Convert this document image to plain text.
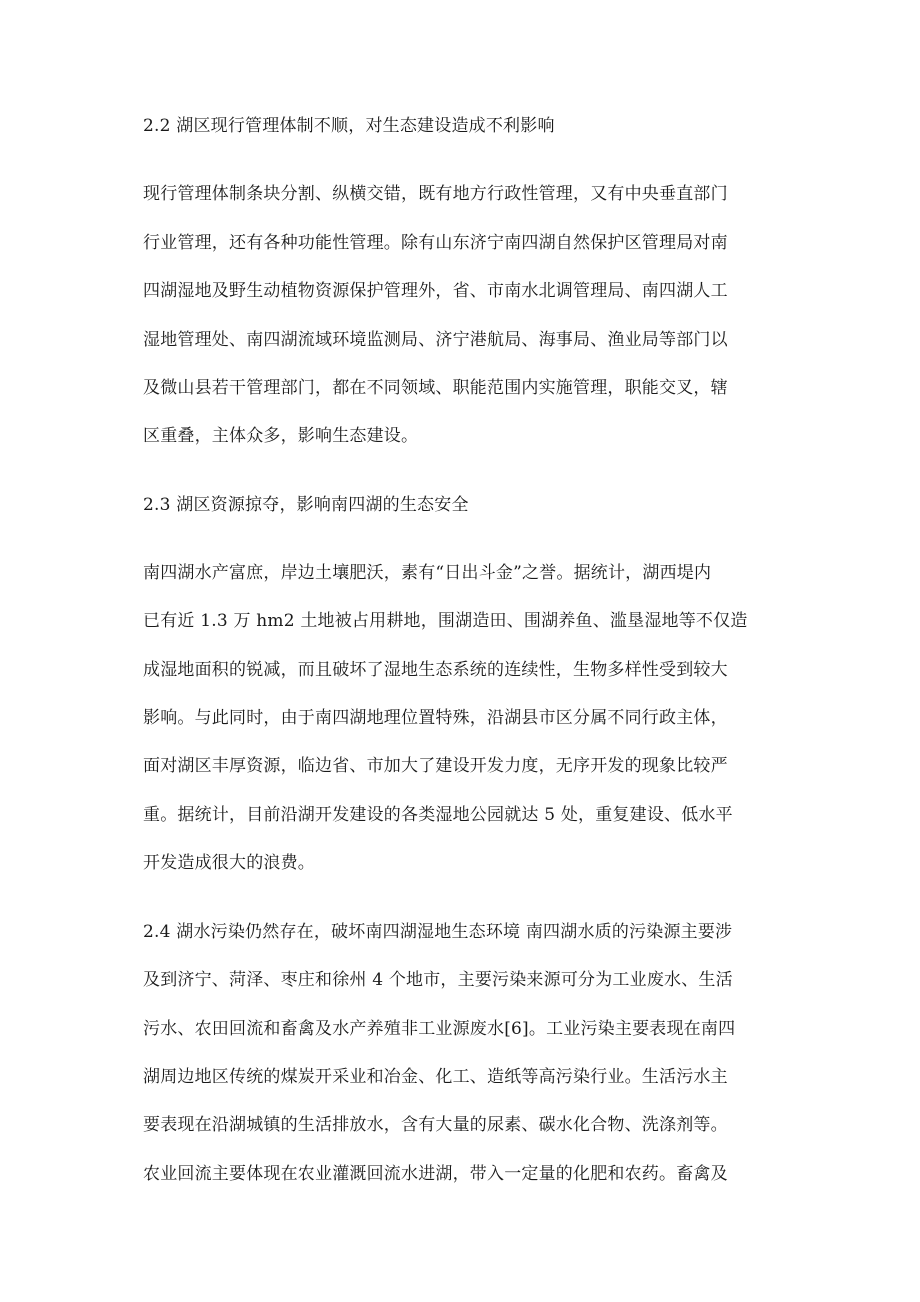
2.2 湖区现行管理体制不顺，对生态建设造成不利影响
现行管理体制条块分割、纵横交错，既有地方行政性管理，又有中央垂直部门
行业管理，还有各种功能性管理。除有山东济宁南四湖自然保护区管理局对南
四湖湿地及野生动植物资源保护管理外，省、市南水北调管理局、南四湖人工
湿地管理处、南四湖流域环境监测局、济宁港航局、海事局、渔业局等部门以
及微山县若干管理部门，都在不同领域、职能范围内实施管理，职能交叉，辖
区重叠，主体众多，影响生态建设。
2.3 湖区资源掠夺，影响南四湖的生态安全
南四湖水产富庶，岸边土壤肥沃，素有“日出斗金”之誉。据统计，湖西堤内
已有近 1.3 万 hm2 土地被占用耕地，围湖造田、围湖养鱼、滥垦湿地等不仅造
成湿地面积的锐减，而且破坏了湿地生态系统的连续性，生物多样性受到较大
影响。与此同时，由于南四湖地理位置特殊，沿湖县市区分属不同行政主体，
面对湖区丰厚资源，临边省、市加大了建设开发力度，无序开发的现象比较严
重。据统计，目前沿湖开发建设的各类湿地公园就达 5 处，重复建设、低水平
开发造成很大的浪费。
2.4 湖水污染仍然存在，破坏南四湖湿地生态环境 南四湖水质的污染源主要涉
及到济宁、菏泽、枣庄和徐州 4 个地市，主要污染来源可分为工业废水、生活
污水、农田回流和畜禽及水产养殖非工业源废水[6]。工业污染主要表现在南四
湖周边地区传统的煤炭开采业和冶金、化工、造纸等高污染行业。生活污水主
要表现在沿湖城镇的生活排放水，含有大量的尿素、碳水化合物、洗涤剂等。
农业回流主要体现在农业灌溉回流水进湖，带入一定量的化肥和农药。畜禽及
